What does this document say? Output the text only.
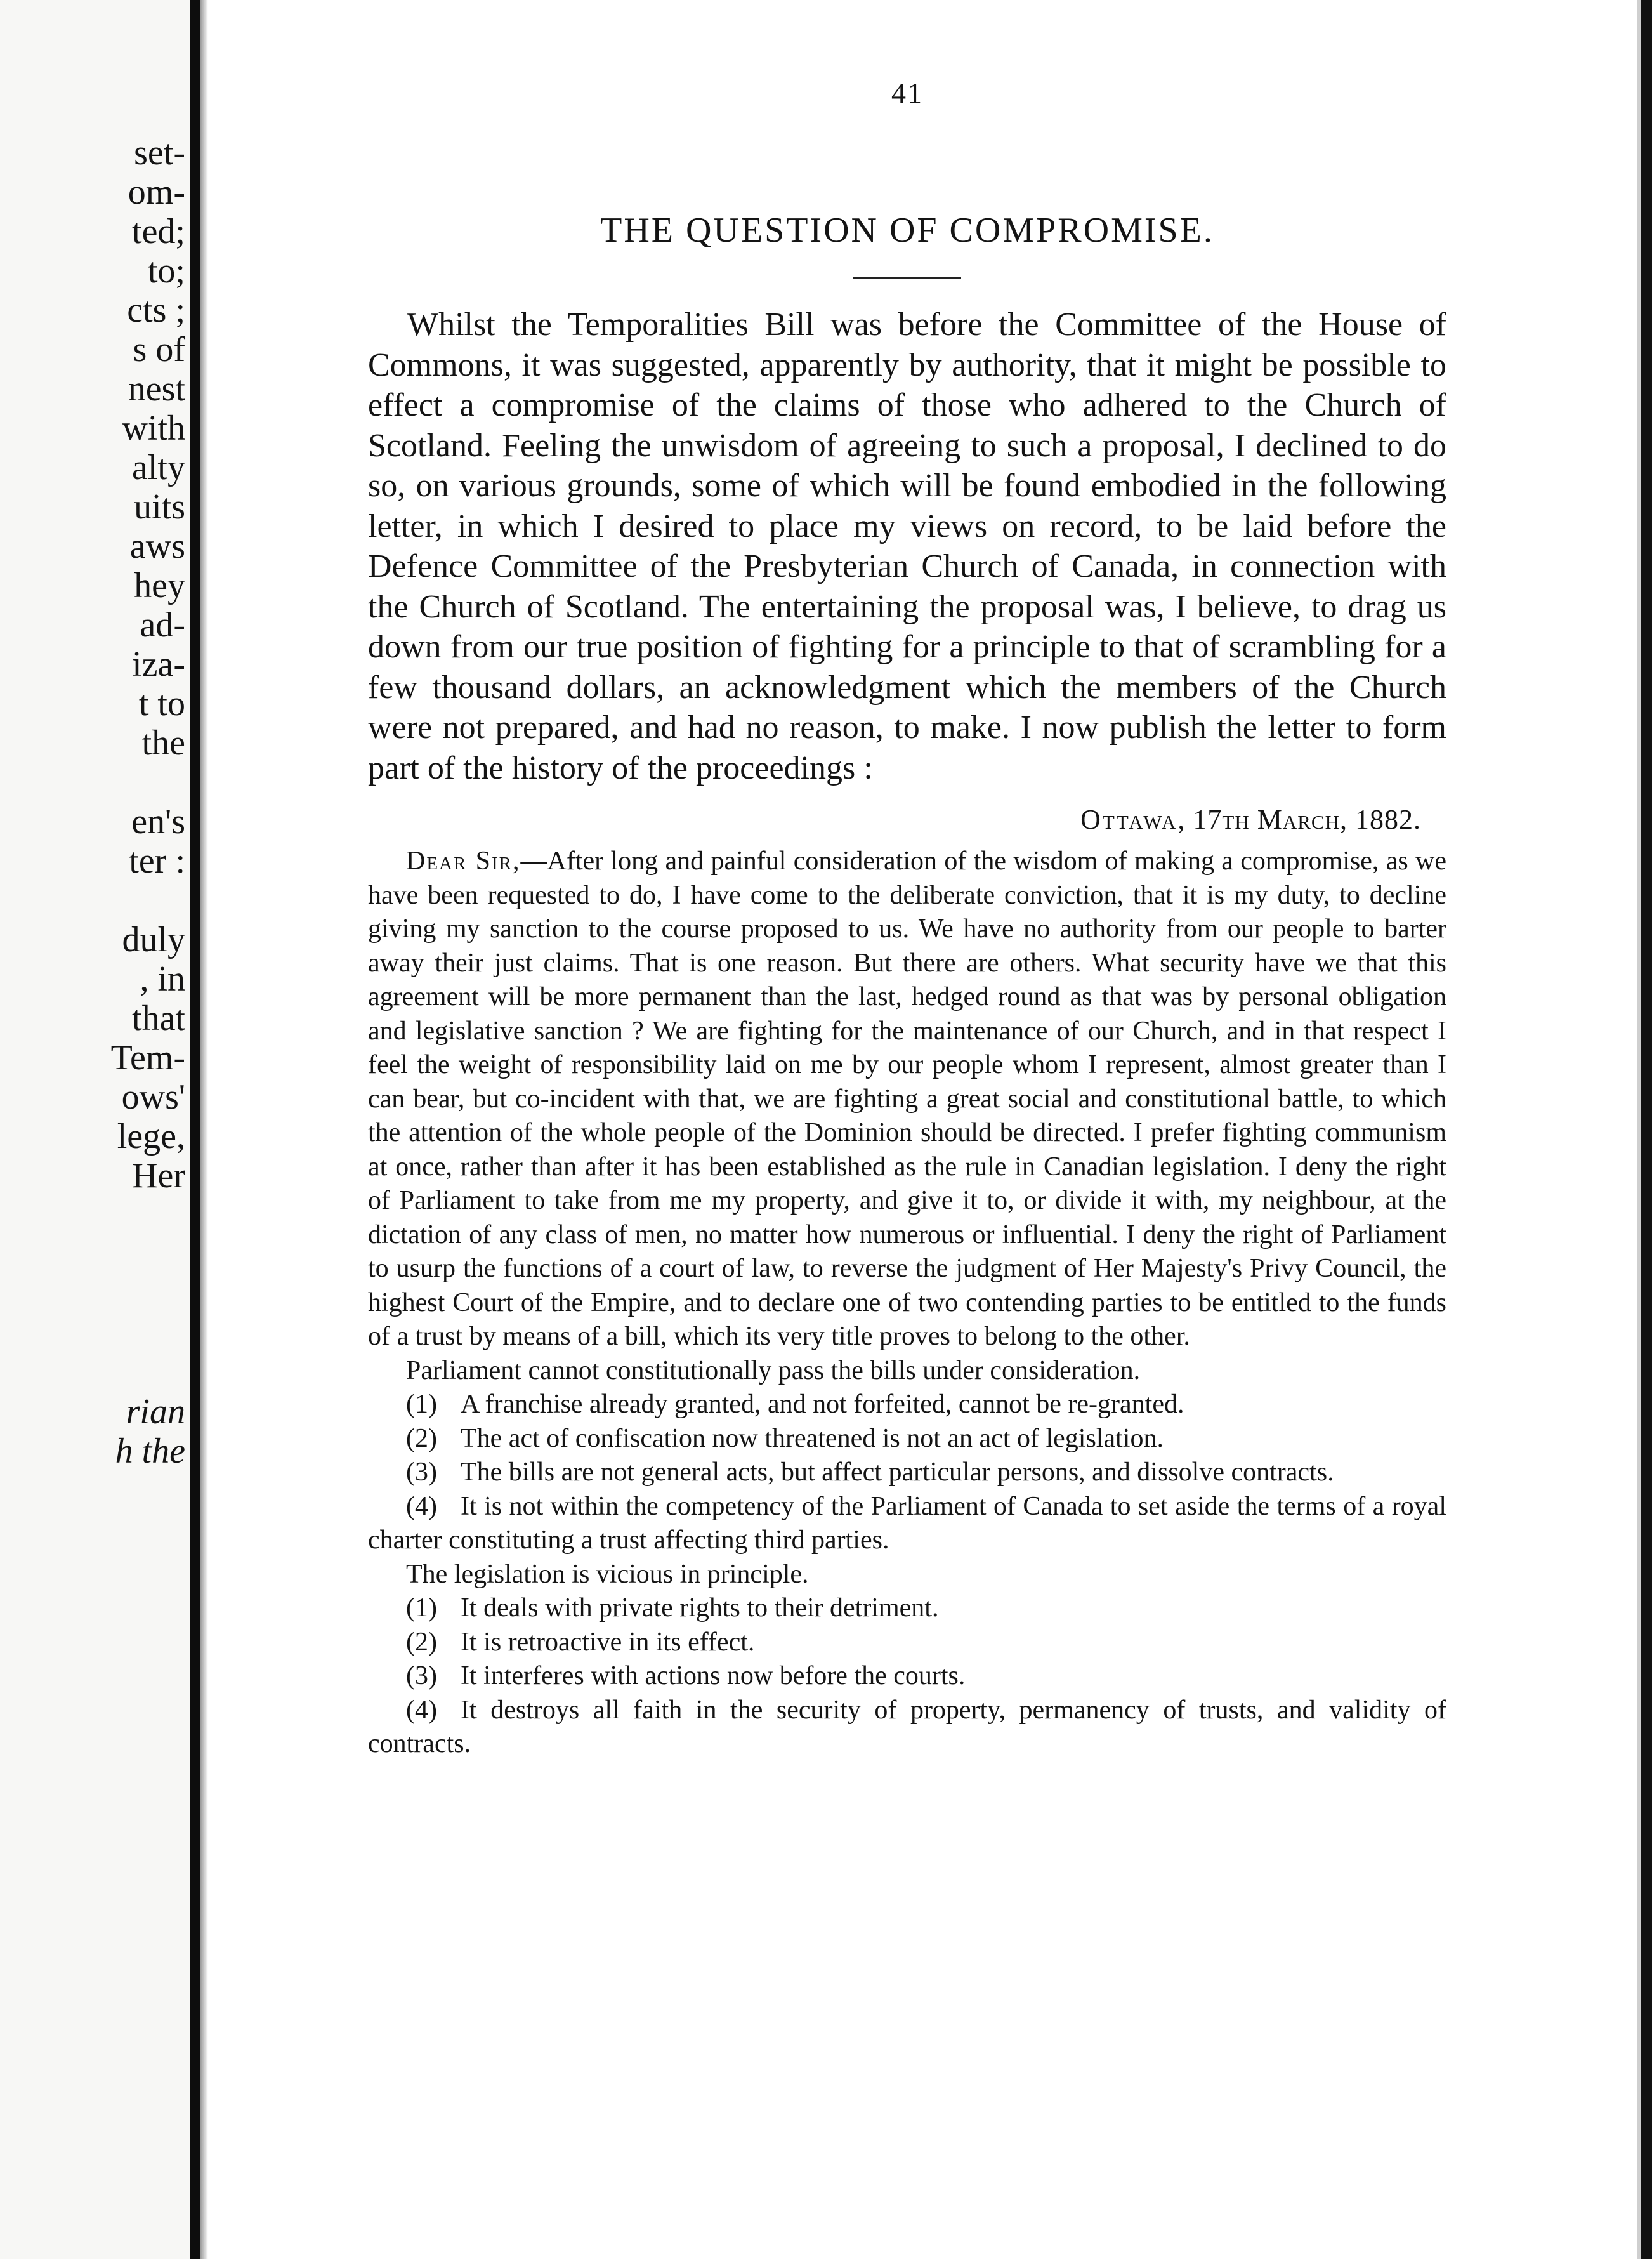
set-
om-
ted;
to;
cts ;
s of
nest
with
alty
uits
aws
hey
ad-
iza-
t to
the
en's
ter :
duly
, in
that
Tem-
ows'
lege,
Her
rian
h the
41
THE QUESTION OF COMPROMISE.

Whilst the Temporalities Bill was before the Committee of the House of Commons, it was suggested, apparently by authority, that it might be possible to effect a compromise of the claims of those who adhered to the Church of Scotland. Feeling the unwisdom of agreeing to such a proposal, I declined to do so, on various grounds, some of which will be found embodied in the following letter, in which I desired to place my views on record, to be laid before the Defence Committee of the Presbyterian Church of Canada, in connection with the Church of Scotland. The entertaining the proposal was, I believe, to drag us down from our true position of fighting for a principle to that of scrambling for a few thousand dollars, an acknowledgment which the members of the Church were not prepared, and had no reason, to make. I now publish the letter to form part of the history of the proceedings :

Ottawa, 17th March, 1882.

Dear Sir,—After long and painful consideration of the wisdom of making a compromise, as we have been requested to do, I have come to the deliberate conviction, that it is my duty, to decline giving my sanction to the course proposed to us. We have no authority from our people to barter away their just claims. That is one reason. But there are others. What security have we that this agreement will be more permanent than the last, hedged round as that was by personal obligation and legislative sanction ? We are fighting for the maintenance of our Church, and in that respect I feel the weight of responsibility laid on me by our people whom I represent, almost greater than I can bear, but co-incident with that, we are fighting a great social and constitutional battle, to which the attention of the whole people of the Dominion should be directed. I prefer fighting communism at once, rather than after it has been established as the rule in Canadian legislation. I deny the right of Parliament to take from me my property, and give it to, or divide it with, my neighbour, at the dictation of any class of men, no matter how numerous or influential. I deny the right of Parliament to usurp the functions of a court of law, to reverse the judgment of Her Majesty's Privy Council, the highest Court of the Empire, and to declare one of two contending parties to be entitled to the funds of a trust by means of a bill, which its very title proves to belong to the other.

Parliament cannot constitutionally pass the bills under consideration.

(1) A franchise already granted, and not forfeited, cannot be re-granted.

(2) The act of confiscation now threatened is not an act of legislation.

(3) The bills are not general acts, but affect particular persons, and dissolve contracts.

(4) It is not within the competency of the Parliament of Canada to set aside the terms of a royal charter constituting a trust affecting third parties.

The legislation is vicious in principle.

(1) It deals with private rights to their detriment.

(2) It is retroactive in its effect.

(3) It interferes with actions now before the courts.

(4) It destroys all faith in the security of property, permanency of trusts, and validity of contracts.
